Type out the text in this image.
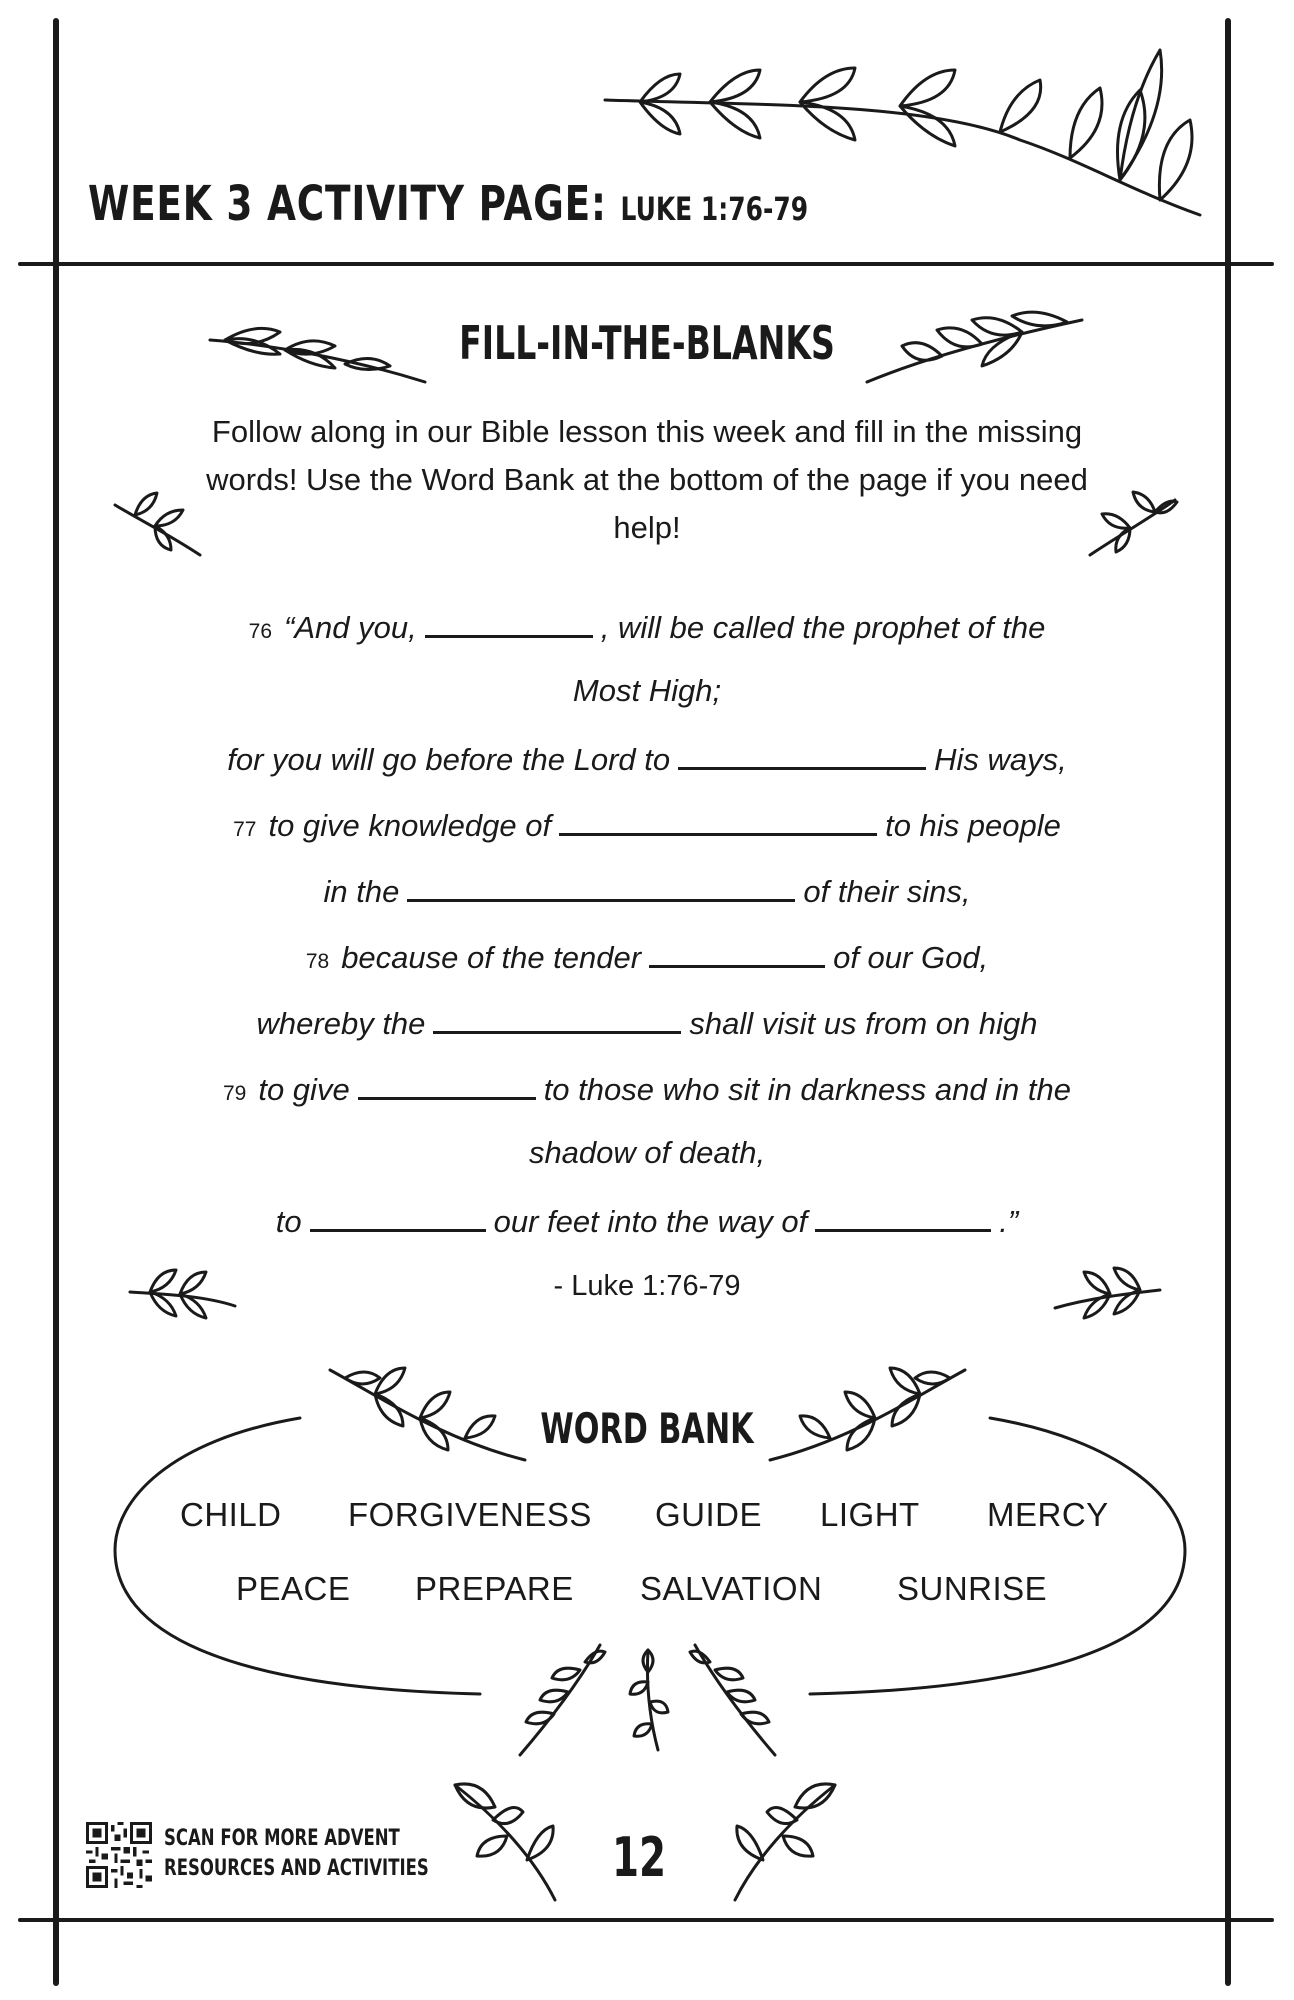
WEEK 3 ACTIVITY PAGE: LUKE 1:76-79
FILL-IN-THE-BLANKS
Follow along in our Bible lesson this week and fill in the missing words! Use the Word Bank at the bottom of the page if you need help!
76 “And you,	, will be called the prophet of the
Most High;
for you will go before the Lord to	His ways,
77 to give knowledge of	to his people
in the	of their sins,
78 because of the tender	of our God,
whereby the	shall visit us from on high
79 to give	to those who sit in darkness and in the
shadow of death,
to	our feet into the way of	.”
- Luke 1:76-79
WORD BANK
CHILD FORGIVENESS GUIDE LIGHT MERCY
PEACE PREPARE SALVATION SUNRISE
SCAN FOR MORE ADVENT
RESOURCES AND ACTIVITIES	12
